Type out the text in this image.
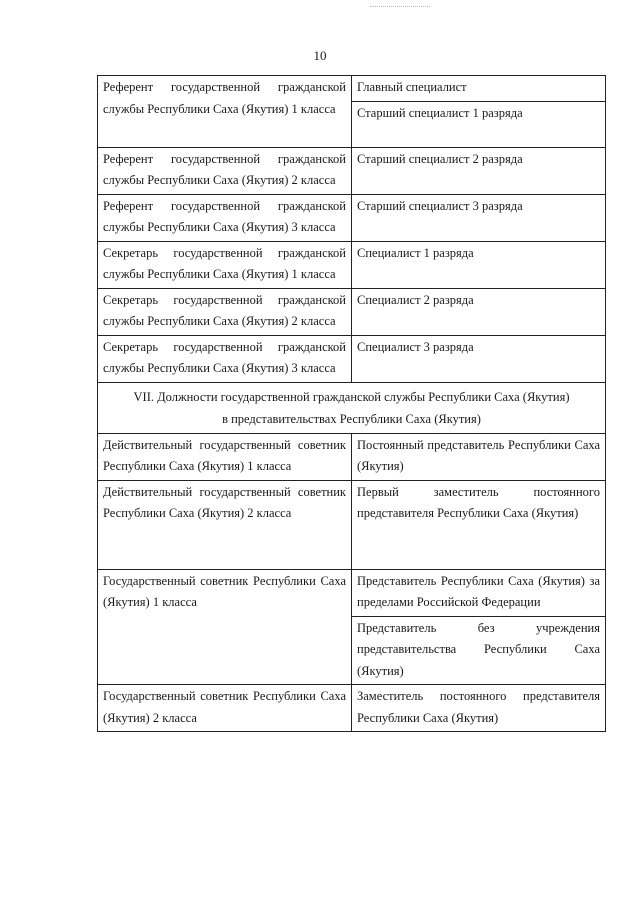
10
Референт государственной гражданской службы Республики Саха (Якутия) 1 класса	Главный специалист
	Старший специалист 1 разряда
Референт государственной гражданской службы Республики Саха (Якутия) 2 класса	Старший специалист 2 разряда
Референт государственной гражданской службы Республики Саха (Якутия) 3 класса	Старший специалист 3 разряда
Секретарь государственной гражданской службы Республики Саха (Якутия) 1 класса	Специалист 1 разряда
Секретарь государственной гражданской службы Республики Саха (Якутия) 2 класса	Специалист 2 разряда
Секретарь государственной гражданской службы Республики Саха (Якутия) 3 класса	Специалист 3 разряда

VII. Должности государственной гражданской службы Республики Саха (Якутия)
в представительствах Республики Саха (Якутия)	

Действительный государственный советник Республики Саха (Якутия) 1 класса	Постоянный представитель Республики Саха (Якутия)
Действительный государственный советник Республики Саха (Якутия) 2 класса	Первый заместитель постоянного представителя Республики Саха (Якутия)
Государственный советник Республики Саха (Якутия) 1 класса	Представитель Республики Саха (Якутия) за пределами Российской Федерации
	Представитель без учреждения представительства Республики Саха (Якутия)
Государственный советник Республики Саха (Якутия) 2 класса	Заместитель постоянного представителя Республики Саха (Якутия)
